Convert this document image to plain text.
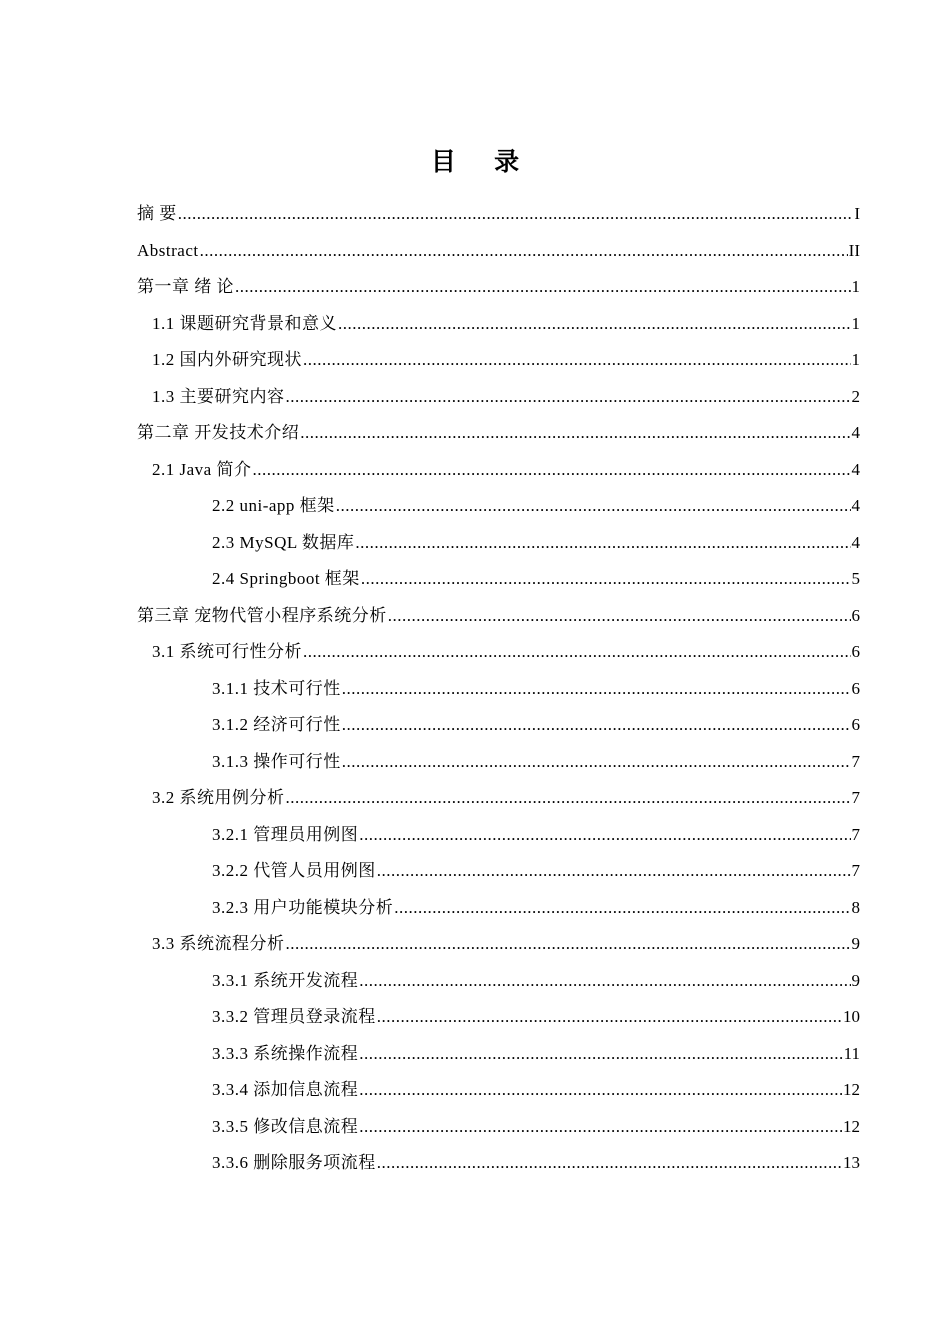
目 录
摘 要 .....	I
Abstract .....	II
第一章 绪 论 .....	1
1.1 课题研究背景和意义 .....	1
1.2 国内外研究现状 .....	1
1.3 主要研究内容 .....	2
第二章 开发技术介绍 .....	4
2.1 Java 简介 .....	4
2.2 uni-app 框架 .....	4
2.3 MySQL 数据库 .....	4
2.4 Springboot 框架 .....	5
第三章 宠物代管小程序系统分析 .....	6
3.1 系统可行性分析 .....	6
3.1.1 技术可行性 .....	6
3.1.2 经济可行性 .....	6
3.1.3 操作可行性 .....	7
3.2 系统用例分析 .....	7
3.2.1 管理员用例图 .....	7
3.2.2 代管人员用例图 .....	7
3.2.3 用户功能模块分析 .....	8
3.3 系统流程分析 .....	9
3.3.1 系统开发流程 .....	9
3.3.2 管理员登录流程 .....	10
3.3.3 系统操作流程 .....	11
3.3.4 添加信息流程 .....	12
3.3.5 修改信息流程 .....	12
3.3.6 删除服务项流程 .....	13
